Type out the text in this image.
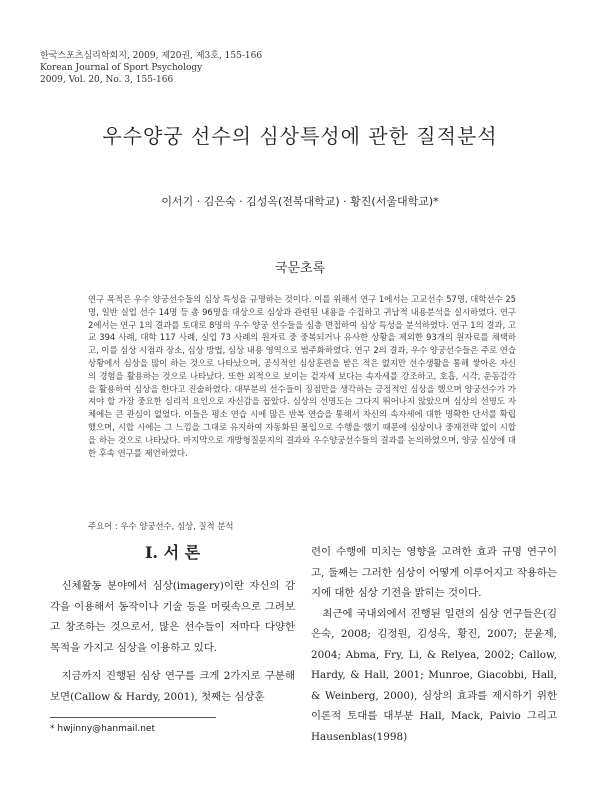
한국스포츠심리학회지, 2009, 제20권, 제3호, 155-166
Korean Journal of Sport Psychology
2009, Vol. 20, No. 3, 155-166
우수양궁 선수의 심상특성에 관한 질적분석
이서기 · 김은숙 · 김성옥(전북대학교) · 황진(서울대학교)*
국문초록
연구 목적은 우수 양궁선수들의 심상 특성을 규명하는 것이다. 이를 위해서 연구 1에서는 고교선수 57명, 대학선수 25명, 일반 실업 선수 14명 등 총 96명을 대상으로 심상과 관련된 내용을 수집하고 귀납적 내용분석을 실시하였다. 연구 2에서는 연구 1의 결과를 토대로 8명의 우수 양궁 선수들을 심층 면접하여 심상 특성을 분석하였다. 연구 1의 결과, 고교 394 사례, 대학 117 사례, 실업 73 사례의 원자료 중 중복되거나 유사한 상황을 제외한 93개의 원자료를 채택하고, 이를 심상 시점과 장소, 심상 방법, 심상 내용 영역으로 범주화하였다. 연구 2의 결과, 우수 양궁선수들은 주로 연습상황에서 심상을 많이 하는 것으로 나타났으며, 공식적인 심상훈련을 받은 적은 없지만 선수생활을 통해 쌓아온 자신의 경험을 활용하는 것으로 나타났다. 또한 외적으로 보이는 겉자세 보다는 속자세를 강조하고, 호흡, 시각, 운동감각을 활용하여 심상을 한다고 진술하였다. 대부분의 선수들이 징점만을 생각하는 긍정적인 심상을 했으며 양궁선수가 가져야 할 가장 중요한 심리적 요인으로 자신감을 꼽았다. 심상의 선명도는 그다지 뛰어나지 않았으며 심상의 선명도 자체에는 큰 관심이 없었다. 이들은 평소 연습 시에 많은 반복 연습을 통해서 자신의 속자세에 대한 명확한 단서를 확립했으며, 시합 시에는 그 느낌을 그대로 유지하여 자동화된 몰입으로 수행을 했기 때문에 심상이나 중재전략 없이 시합을 하는 것으로 나타났다. 마지막으로 개방형질문지의 결과와 우수양궁선수들의 결과를 논의하였으며, 양궁 심상에 대한 후속 연구를 제언하였다.
주요어 : 우수 양궁선수, 심상, 질적 분석
I. 서 론

신체활동 분야에서 심상(imagery)이란 자신의 감각을 이용해서 동작이나 기술 등을 머릿속으로 그려보고 창조하는 것으로서, 많은 선수들이 저마다 다양한 목적을 가지고 심상을 이용하고 있다.

지금까지 진행된 심상 연구를 크게 2가지로 구분해 보면(Callow & Hardy, 2001), 첫째는 심상훈

련이 수행에 미치는 영향을 고려한 효과 규명 연구이고, 둘째는 그러한 심상이 어떻게 이루어지고 작용하는지에 대한 심상 기전을 밝히는 것이다.

최근에 국내외에서 진행된 일련의 심상 연구들은(김은숙, 2008; 김정원, 김성옥, 황진, 2007; 문윤제, 2004; Abma, Fry, Li, & Relyea, 2002; Callow, Hardy, & Hall, 2001; Munroe, Giacobbi, Hall, & Weinberg, 2000), 심상의 효과를 제시하기 위한 이론적 토대를 대부분 Hall, Mack, Paivio 그리고 Hausenblas(1998)

* hwjinny@hanmail.net
